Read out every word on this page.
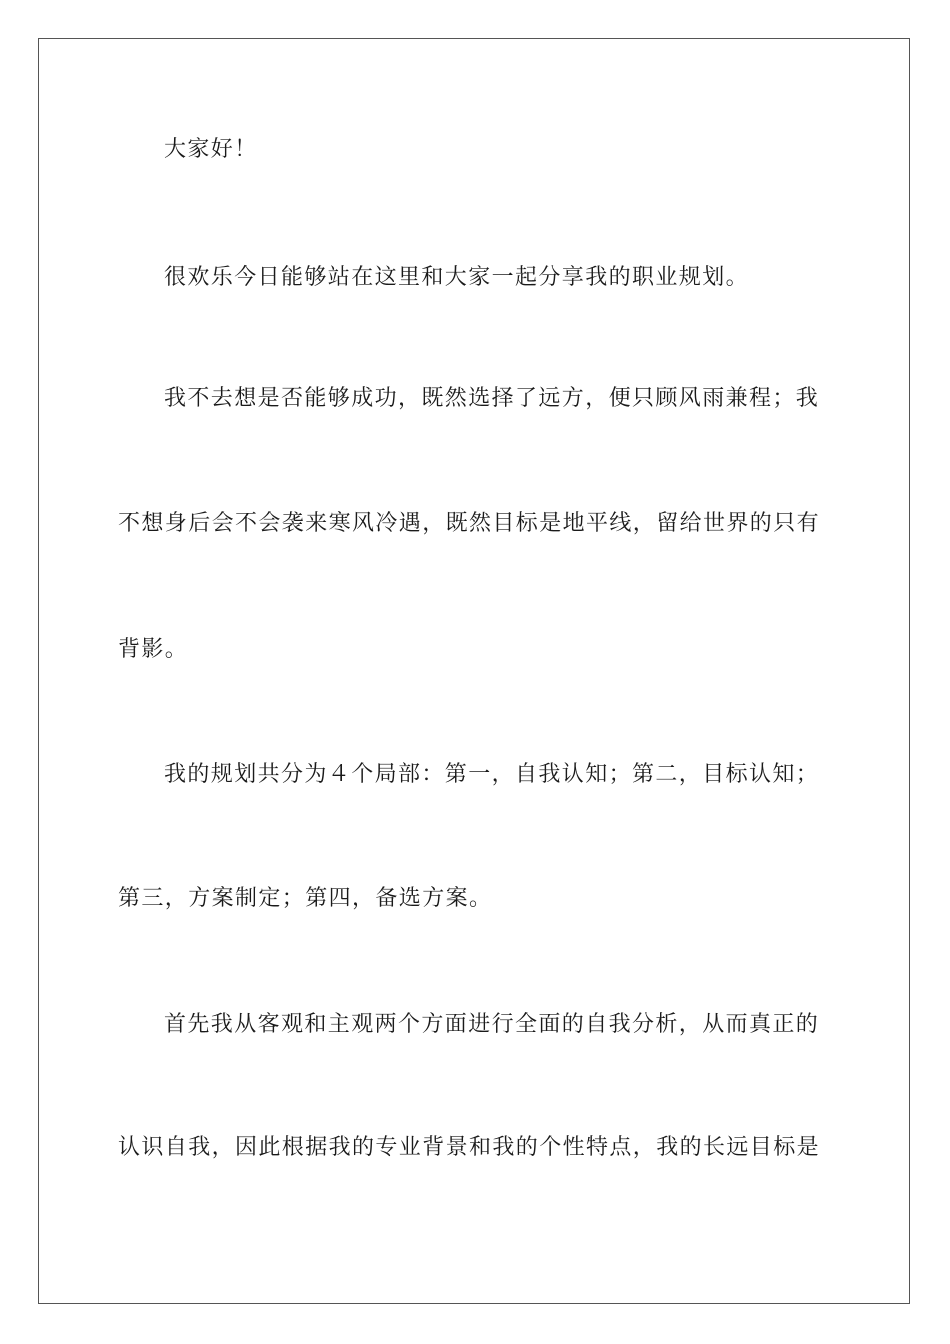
大家好！
很欢乐今日能够站在这里和大家一起分享我的职业规划。
我不去想是否能够成功，既然选择了远方，便只顾风雨兼程；我
不想身后会不会袭来寒风冷遇，既然目标是地平线，留给世界的只有
背影。
我的规划共分为４个局部：第一，自我认知；第二，目标认知；
第三，方案制定；第四，备选方案。
首先我从客观和主观两个方面进行全面的自我分析，从而真正的
认识自我，因此根据我的专业背景和我的个性特点，我的长远目标是
